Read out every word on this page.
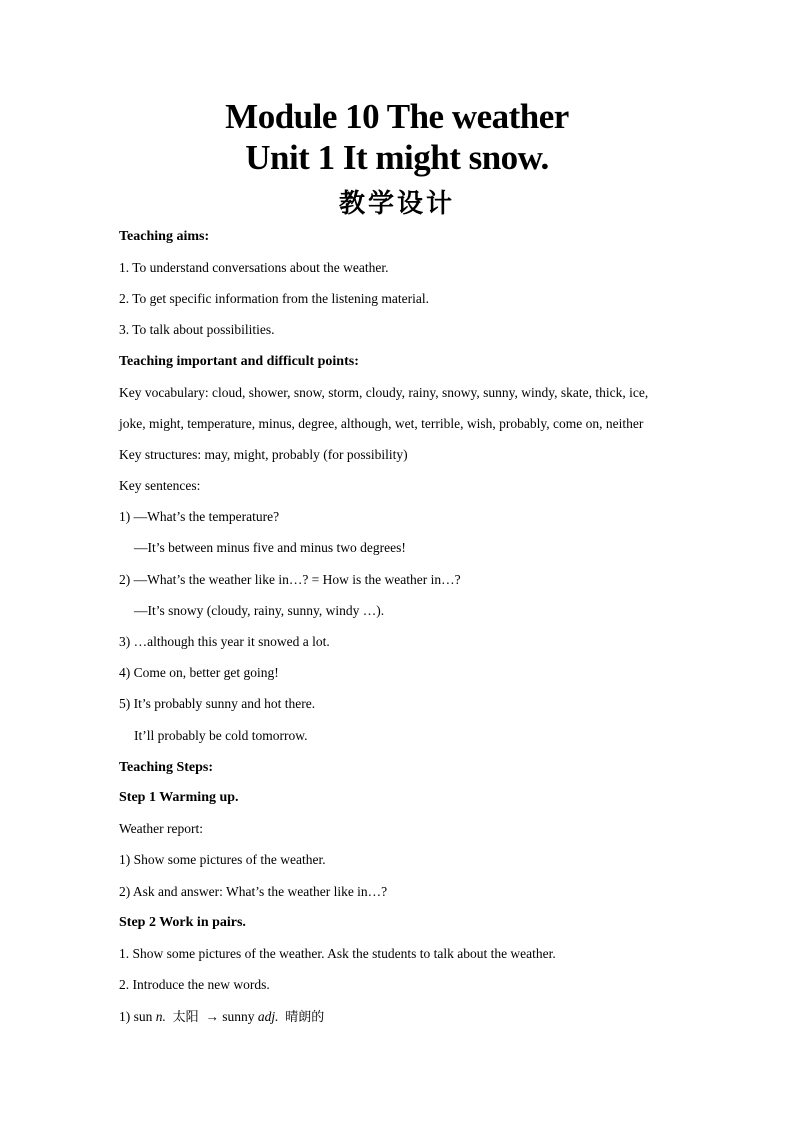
Module 10 The weather
Unit 1 It might snow.
教学设计
Teaching aims:
1. To understand conversations about the weather.
2. To get specific information from the listening material.
3. To talk about possibilities.
Teaching important and difficult points:
Key vocabulary: cloud, shower, snow, storm, cloudy, rainy, snowy, sunny, windy, skate, thick, ice,
joke, might, temperature, minus, degree, although, wet, terrible, wish, probably, come on, neither
Key structures: may, might, probably (for possibility)
Key sentences:
1) —What’s the temperature?
—It’s between minus five and minus two degrees!
2) —What’s the weather like in…? = How is the weather in…?
—It’s snowy (cloudy, rainy, sunny, windy …).
3) …although this year it snowed a lot.
4) Come on, better get going!
5) It’s probably sunny and hot there.
It’ll probably be cold tomorrow.
Teaching Steps:
Step 1 Warming up.
Weather report:
1) Show some pictures of the weather.
2) Ask and answer: What’s the weather like in…?
Step 2 Work in pairs.
1. Show some pictures of the weather. Ask the students to talk about the weather.
2. Introduce the new words.
1) sun n. 太阳 → sunny adj. 晴朗的
